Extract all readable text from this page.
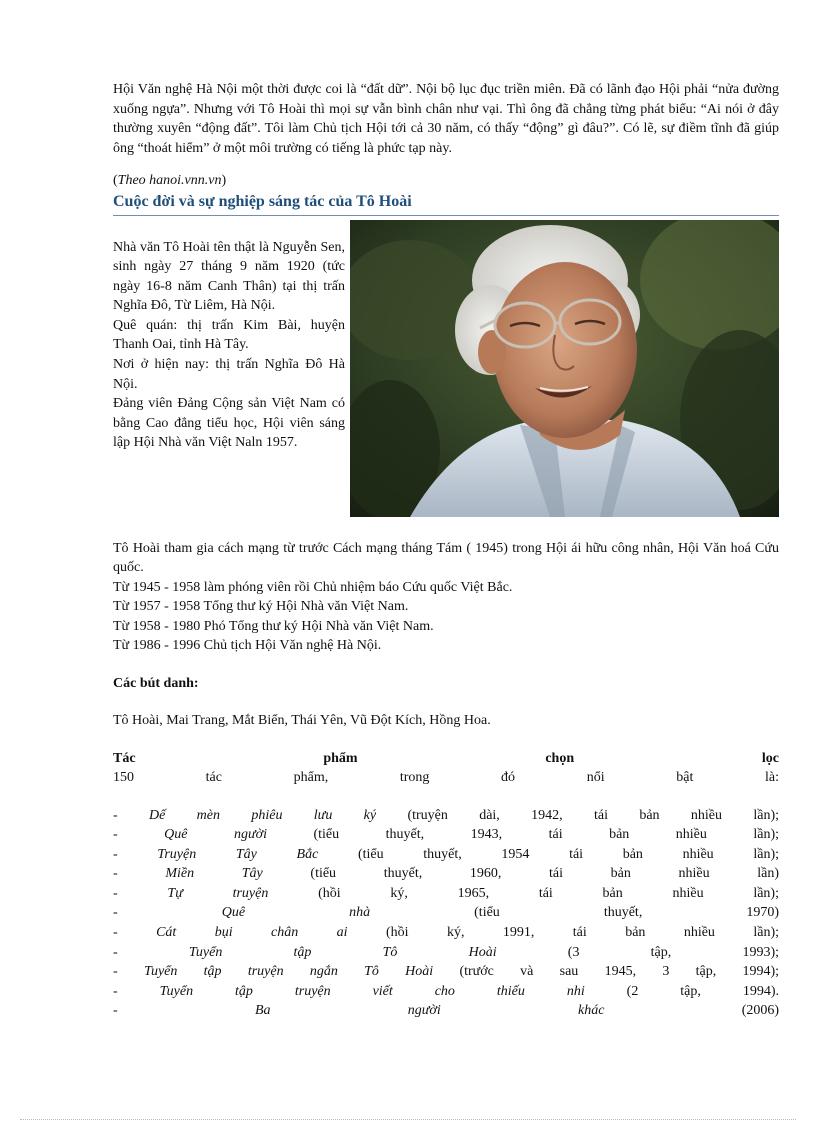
Hội Văn nghệ Hà Nội một thời được coi là “đất dữ”. Nội bộ lục đục triền miên. Đã có lãnh đạo Hội phải “nửa đường xuống ngựa”. Nhưng với Tô Hoài thì mọi sự vẫn bình chân như vại. Thì ông đã chẳng từng phát biểu: “Ai nói ở đây thường xuyên “động đất”. Tôi làm Chủ tịch Hội tới cả 30 năm, có thấy “động” gì đâu?”. Có lẽ, sự điềm tĩnh đã giúp ông “thoát hiểm” ở một môi trường có tiếng là phức tạp này.

(Theo hanoi.vnn.vn)

Cuộc đời và sự nghiệp sáng tác của Tô Hoài

Nhà văn Tô Hoài tên thật là Nguyễn Sen, sinh ngày 27 tháng 9 năm 1920 (tức ngày 16-8 năm Canh Thân) tại thị trấn Nghĩa Đô, Từ Liêm, Hà Nội.

Quê quán: thị trấn Kim Bài, huyện Thanh Oai, tỉnh Hà Tây.

Nơi ở hiện nay: thị trấn Nghĩa Đô Hà Nội.

Đảng viên Đảng Cộng sản Việt Nam có bằng Cao đẳng tiểu học, Hội viên sáng lập Hội Nhà văn Việt Naln 1957.

Tô Hoài tham gia cách mạng từ trước Cách mạng tháng Tám ( 1945) trong Hội ái hữu công nhân, Hội Văn hoá Cứu quốc.

Từ 1945 - 1958 làm phóng viên rồi Chủ nhiệm báo Cứu quốc Việt Bắc.

Từ 1957 - 1958 Tổng thư ký Hội Nhà văn Việt Nam.

Từ 1958 - 1980 Phó Tổng thư ký Hội Nhà văn Việt Nam.

Từ 1986 - 1996 Chủ tịch Hội Văn nghệ Hà Nội.

Các bút danh:

Tô Hoài, Mai Trang, Mắt Biển, Thái Yên, Vũ Đột Kích, Hồng Hoa.

Tác phẩm chọn lọc

150 tác phẩm, trong đó nổi bật là:

- Dế mèn phiêu lưu ký (truyện dài, 1942, tái bản nhiều lần);

-	Quê người	(tiểu thuyết, 1943, tái bản nhiều lần);

-	Truyện Tây Bắc	(tiểu thuyết, 1954 tái bản nhiều lần);

-	Miền Tây	(tiểu thuyết, 1960, tái bản nhiều lần)

-	Tự truyện	(hồi ký, 1965, tái bản nhiều lần);

-	Quê nhà	(tiểu thuyết, 1970)

-	Cát bụi chân ai	(hồi ký, 1991, tái bản nhiều lần);

-	Tuyển tập Tô Hoài	(3 tập, 1993);

- Tuyển tập truyện ngắn Tô Hoài (trước và sau 1945, 3 tập, 1994);

-	Tuyển tập truyện viết cho thiếu nhi	(2 tập, 1994).

-	Ba người khác	(2006)
